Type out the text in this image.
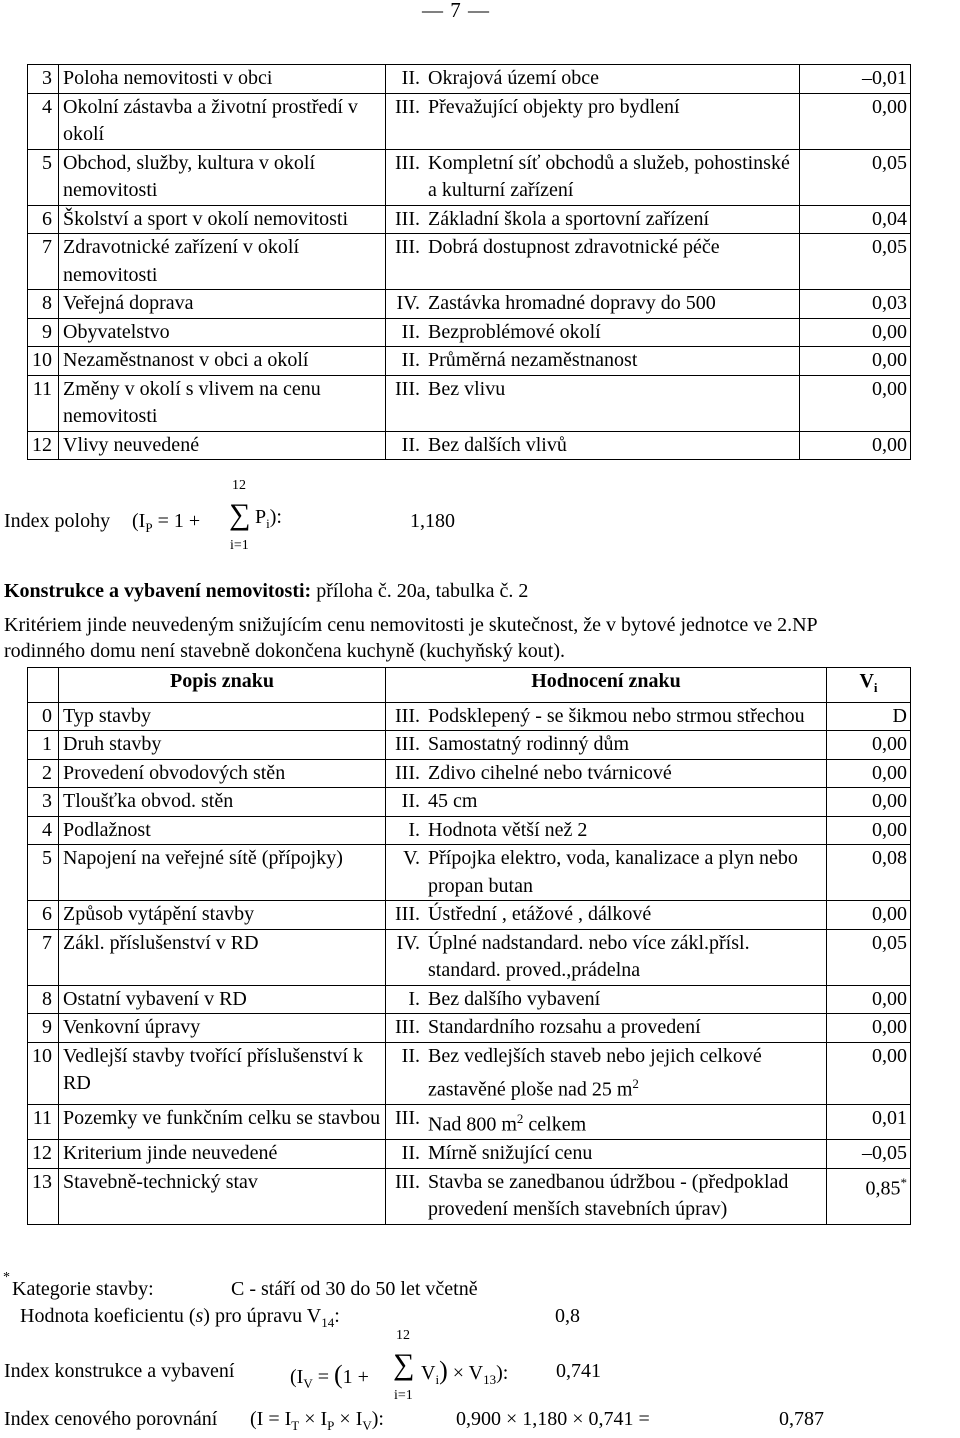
— 7 —
3	Poloha nemovitosti v obci	II. Okrajová území obce	–0,01
4	Okolní zástavba a životní prostředí v okolí	III. Převažující objekty pro bydlení	0,00
5	Obchod, služby, kultura v okolí nemovitosti	III. Kompletní síť obchodů a služeb, pohostinské a kulturní zařízení	0,05
6	Školství a sport v okolí nemovitosti	III. Základní škola a sportovní zařízení	0,04
7	Zdravotnické zařízení v okolí nemovitosti	III. Dobrá dostupnost zdravotnické péče	0,05
8	Veřejná doprava	IV. Zastávka hromadné dopravy do 500	0,03
9	Obyvatelstvo	II. Bezproblémové okolí	0,00
10	Nezaměstnanost v obci a okolí	II. Průměrná nezaměstnanost	0,00
11	Změny v okolí s vlivem na cenu nemovitosti	III. Bez vlivu	0,00
12	Vlivy neuvedené	II. Bez dalších vlivů	0,00
Index polohy ($I_P = 1$ +
12
∑
i=1
$P_i$):	1,180
Konstrukce a vybavení nemovitosti: příloha č. 20a, tabulka č. 2
Kritériem jinde neuvedeným snižujícím cenu nemovitosti je skutečnost, že v bytové jednotce ve 2.NP
rodinného domu není stavebně dokončena kuchyně (kuchyňský kout).
	Popis znaku	Hodnocení znaku	$V_i$
0	Typ stavby	III. Podsklepený - se šikmou nebo strmou střechou	D
1	Druh stavby	III. Samostatný rodinný dům	0,00
2	Provedení obvodových stěn	III. Zdivo cihelné nebo tvárnicové	0,00
3	Tloušťka obvod. stěn	II. 45 cm	0,00
4	Podlažnost	I. Hodnota větší než 2	0,00
5	Napojení na veřejné sítě (přípojky)	V. Přípojka elektro, voda, kanalizace a plyn nebo propan butan	0,08
6	Způsob vytápění stavby	III. Ústřední , etážové , dálkové	0,00
7	Zákl. příslušenství v RD	IV. Úplné nadstandard. nebo více zákl.přísl. standard. proved.,prádelna	0,05
8	Ostatní vybavení v RD	I. Bez dalšího vybavení	0,00
9	Venkovní úpravy	III. Standardního rozsahu a provedení	0,00
10	Vedlejší stavby tvořící příslušenství k RD	II. Bez vedlejších staveb nebo jejich celkové zastavěné ploše nad 25 $m^2$	0,00
11	Pozemky ve funkčním celku se stavbou	III. Nad 800 $m^2$ celkem	0,01
12	Kriterium jinde neuvedené	II. Mírně snižující cenu	–0,05
13	Stavebně-technický stav	III. Stavba se zanedbanou údržbou - (předpoklad provedení menších stavebních úprav)	0,85*
*
Kategorie stavby:	C - stáří od 30 do 50 let včetně
Hodnota koeficientu (s) pro úpravu $V_{14}$:	0,8
Index konstrukce a vybavení	($I_V = (1$ +
12
∑
i=1
$V_i) \times V_{13}$): 0,741
Index cenového porovnání $(I = I_T \times I_P \times I_V)$:	0,900 × 1,180 × 0,741 =	0,787
